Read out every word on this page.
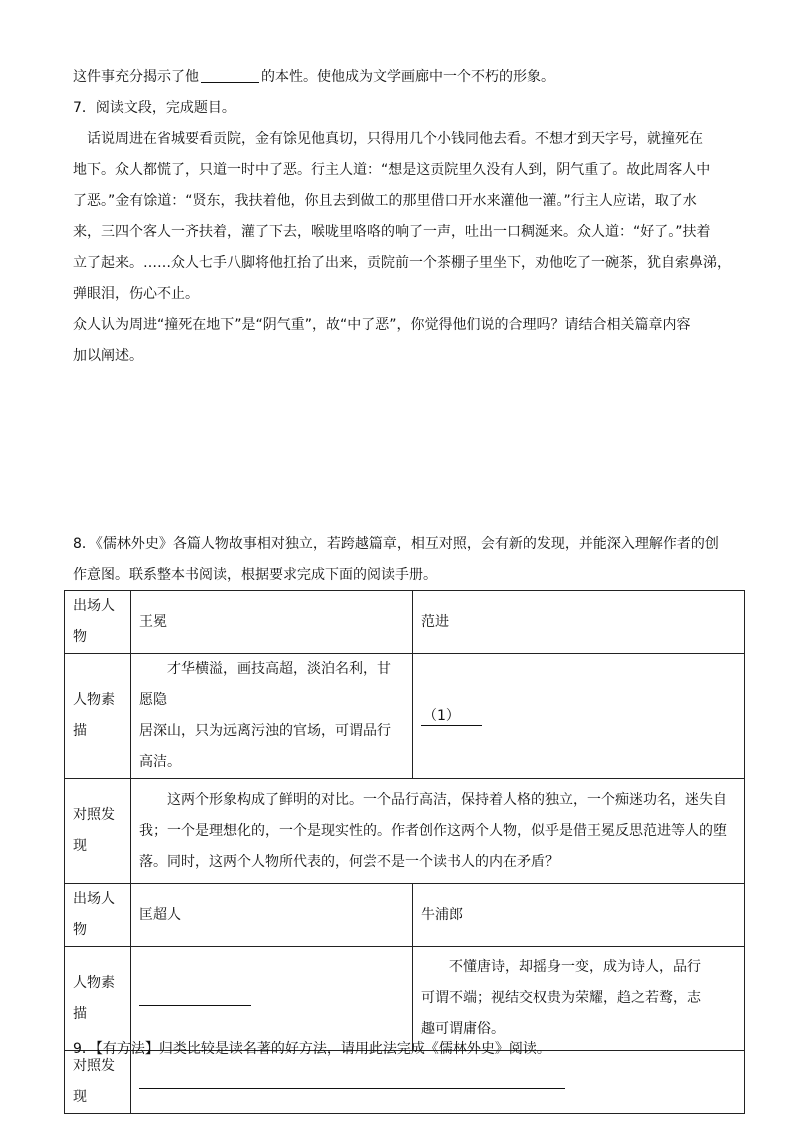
这件事充分揭示了他	的本性。使他成为文学画廊中一个不朽的形象。
7．阅读文段，完成题目。
话说周进在省城要看贡院，金有馀见他真切，只得用几个小钱同他去看。不想才到天字号，就撞死在
地下。众人都慌了，只道一时中了恶。行主人道：“想是这贡院里久没有人到，阴气重了。故此周客人中
了恶。”金有馀道：“贤东，我扶着他，你且去到做工的那里借口开水来灌他一灌。”行主人应诺，取了水
来，三四个客人一齐扶着，灌了下去，喉咙里咯咯的响了一声，吐出一口稠涎来。众人道：“好了。”扶着
立了起来。……众人七手八脚将他扛抬了出来，贡院前一个茶棚子里坐下，劝他吃了一碗茶，犹自索鼻涕，
弹眼泪，伤心不止。
众人认为周进“撞死在地下”是“阴气重”，故“中了恶”，你觉得他们说的合理吗？请结合相关篇章内容
加以阐述。
8．《儒林外史》各篇人物故事相对独立，若跨越篇章，相互对照，会有新的发现，并能深入理解作者的创
作意图。联系整本书阅读，根据要求完成下面的阅读手册。
出场人物	王冕	范进
人物素描	才华横溢，画技高超，淡泊名利，甘愿隐
居深山，只为远离污浊的官场，可谓品行高洁。	（1）
对照发现	这两个形象构成了鲜明的对比。一个品行高洁，保持着人格的独立，一个痴迷功名，迷失自
我；一个是理想化的，一个是现实性的。作者创作这两个人物，似乎是借王冕反思范进等人的堕
落。同时，这两个人物所代表的，何尝不是一个读书人的内在矛盾？	

出场人物	匡超人	牛浦郎
人物素描		不懂唐诗，却摇身一变，成为诗人，品行
可谓不端；视结交权贵为荣耀，趋之若鹜，志
趣可谓庸俗。

对照发现		
9．【有方法】归类比较是读名著的好方法，请用此法完成《儒林外史》阅读。
